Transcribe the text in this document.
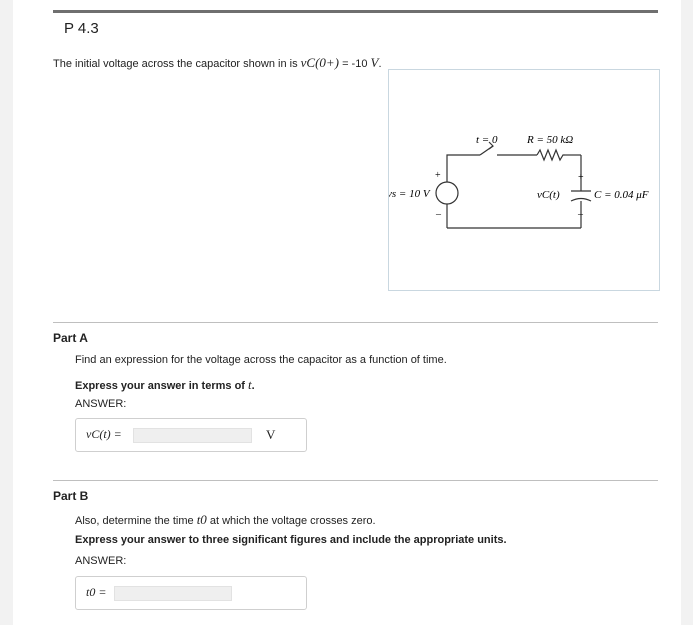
P 4.3
The initial voltage across the capacitor shown in is vC(0+) = -10 V.
+
–
vs = 10 V
t = 0	R = 50 kΩ
+
–
vC(t)	C = 0.04 μF
Part A
Find an expression for the voltage across the capacitor as a function of time.
Express your answer in terms of t.
ANSWER:
vC(t) =	V
Part B
Also, determine the time t0 at which the voltage crosses zero.
Express your answer to three significant figures and include the appropriate units.
ANSWER:
t0 =
